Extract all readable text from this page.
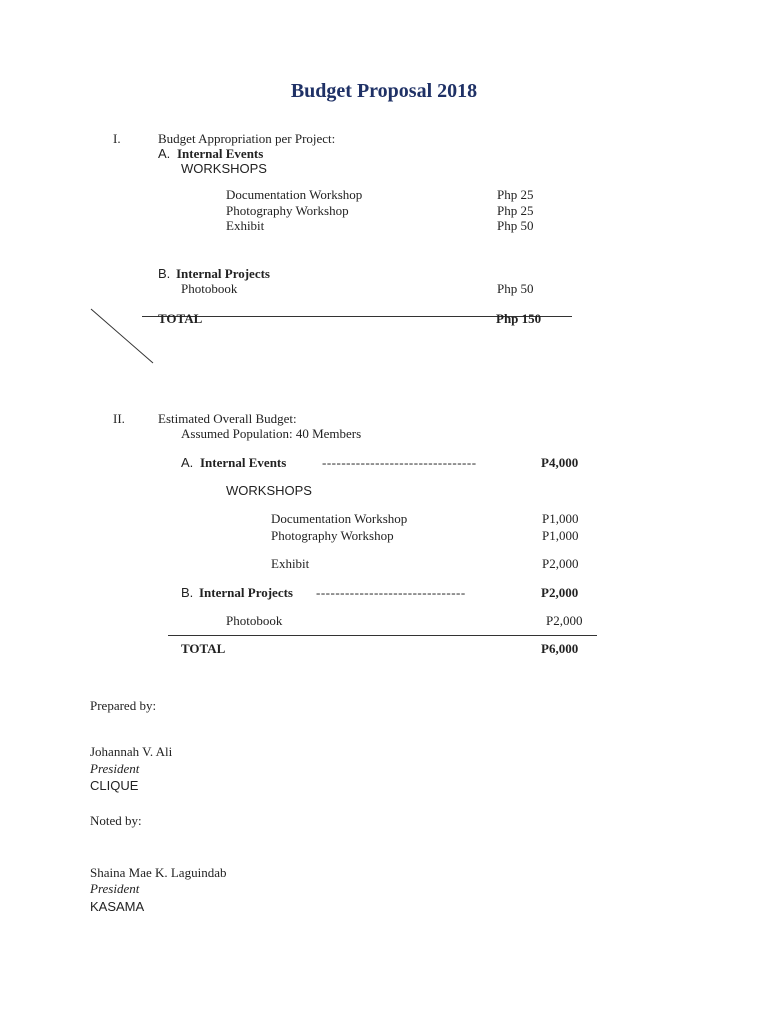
Budget Proposal 2018
I.	Budget Appropriation per Project:
A. Internal Events
WORKSHOPS
Documentation Workshop	Php 25
Photography Workshop	Php 25
Exhibit	Php 50
B. Internal Projects
Photobook	Php 50
TOTAL	Php 150
II.	Estimated Overall Budget:
Assumed Population: 40 Members
A. Internal Events	--------------------------------	P4,000
WORKSHOPS
Documentation Workshop	P1,000
Photography Workshop	P1,000
Exhibit	P2,000
B. Internal Projects -------------------------------	P2,000
Photobook	P2,000
TOTAL	P6,000
Prepared by:
Johannah V. Ali
President
CLIQUE
Noted by:
Shaina Mae K. Laguindab
President
KASAMA
